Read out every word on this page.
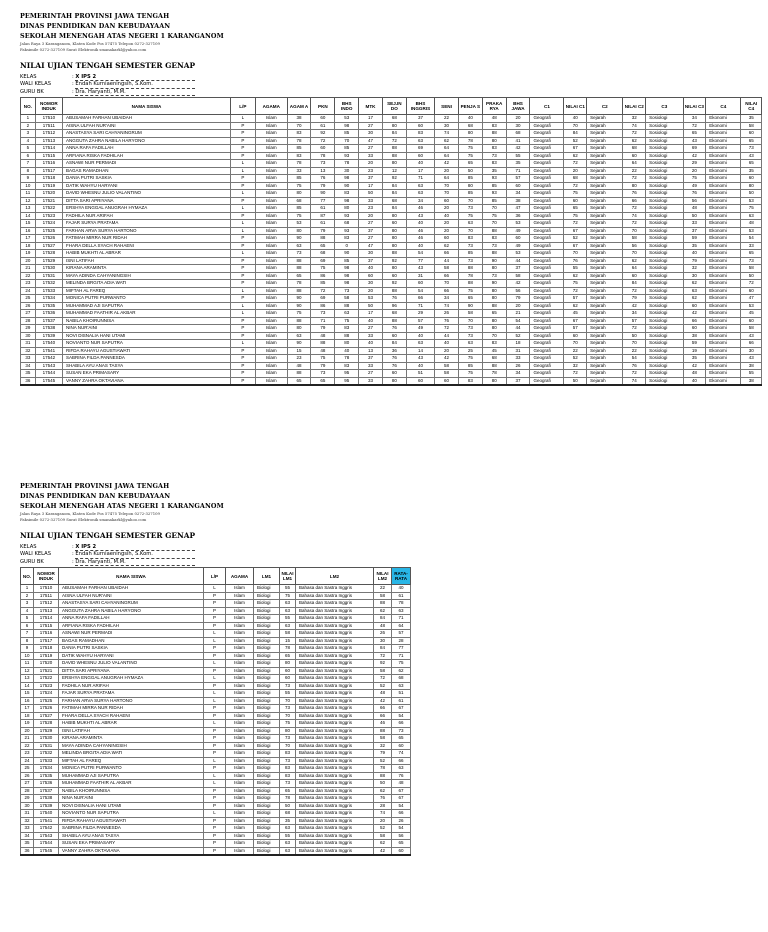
PEMERINTAH PROVINSI JAWA TENGAH
DINAS PENDIDIKAN DAN KEBUDAYAAN
SEKOLAH MENENGAH ATAS NEGERI 1 KARANGANOM
Jalan Raya 3 Karanganom, Klaten Kode Pos 57475 Telepon 0272-327109
Faksimile 0272-327109 Surat Elektronik smanakarkl@yahoo.com
NILAI UJIAN TENGAH SEMESTER GENAP
KELAS	: X IPS 2
WALI KELAS	: Endah Kurniaeningsih, S.Kom.
GURU BK	: Dra. Haryanti, M.M.
NO.	NOMOR INDUK	NAMA SISWA	L/P	AGAMA	AGAM A	PKN	BHS INDO	MTK	SEJ.IN DO	BHS INGGRIS	SENI	PENJA S	PRAKA RYA	BHS JAWA	C1	NILAI C1	C2	NILAI C2	C3	NILAI C3	C4	NILAI C4
1	17510	ABUSAMAH FARHAN UBAIDAH	L	Islam	38	60	53	17	68	37	22	40	48	20	Geografi	40	Sejarah	32	Sosiologi	34	Ekonomi	35
2	17511	AISNA ULFAH NUR'AINI	P	Islam	70	61	98	27	80	60	30	68	83	30	Geografi	70	Sejarah	74	Sosiologi	72	Ekonomi	58
3	17512	ANASTASYA SARI CAHYANINGRUM	P	Islam	83	92	85	30	84	83	74	80	88	68	Geografi	84	Sejarah	72	Sosiologi	65	Ekonomi	60
4	17513	ANGGUTA ZAHRA NABILA HARYONO	P	Islam	78	72	70	47	72	63	62	78	80	41	Geografi	52	Sejarah	62	Sosiologi	43	Ekonomi	65
5	17514	ANNA RAFA FADILLAH	P	Islam	85	60	85	27	88	69	64	75	83	42	Geografi	67	Sejarah	68	Sosiologi	69	Ekonomi	73
6	17515	ARFIANA RISKA FADHILAH	P	Islam	83	78	93	33	88	60	64	75	73	55	Geografi	62	Sejarah	60	Sosiologi	42	Ekonomi	43
7	17516	ASNAWI NUR PERMADI	L	Islam	78	73	78	20	80	40	42	65	83	35	Geografi	72	Sejarah	64	Sosiologi	29	Ekonomi	65
8	17517	BAGAS RAMADHAN	L	Islam	33	13	30	23	12	17	20	50	35	71	Geografi	20	Sejarah	22	Sosiologi	20	Ekonomi	35
9	17518	DANIA PUTRI SASKIA	P	Islam	85	76	98	37	92	71	64	85	93	57	Geografi	68	Sejarah	72	Sosiologi	75	Ekonomi	60
10	17519	DATIK WAHYU HARYANI	P	Islam	75	79	90	17	84	63	70	80	85	60	Geografi	72	Sejarah	80	Sosiologi	49	Ekonomi	80
11	17520	DAVID WHESNU JULIO VALANTINO	L	Islam	80	90	83	50	84	63	70	85	93	34	Geografi	75	Sejarah	76	Sosiologi	76	Ekonomi	50
12	17521	DITTA SARI APRIYANA	P	Islam	68	77	98	33	68	34	60	70	85	38	Geografi	60	Sejarah	66	Sosiologi	56	Ekonomi	53
13	17522	ERSHYA ENGGAL ANUGRAH HYMAZA	L	Islam	85	61	80	23	84	46	20	73	70	47	Geografi	65	Sejarah	72	Sosiologi	48	Ekonomi	75
14	17523	FADHILA NUR ARIFAH	P	Islam	75	87	93	20	80	43	40	75	75	36	Geografi	75	Sejarah	74	Sosiologi	50	Ekonomi	63
15	17524	FAJAR SURYA PRATAMA	L	Islam	53	61	68	27	60	40	20	63	70	53	Geografi	72	Sejarah	72	Sosiologi	33	Ekonomi	48
16	17525	FARHAN ARVA SURYA HARTONO	L	Islam	80	79	93	37	80	46	20	70	88	49	Geografi	67	Sejarah	70	Sosiologi	37	Ekonomi	53
17	17526	FATIMAH MIRRA NUR RIDAH	P	Islam	90	88	83	27	80	46	60	83	83	60	Geografi	52	Sejarah	58	Sosiologi	59	Ekonomi	54
18	17527	FHARA DELLA SYACH RAHAENI	P	Islam	63	65	0	47	80	40	62	73	73	49	Geografi	67	Sejarah	56	Sosiologi	35	Ekonomi	33
19	17528	HABIB MUKHTI AL ABRAR	L	Islam	73	68	90	30	88	54	66	85	88	53	Geografi	70	Sejarah	70	Sosiologi	40	Ekonomi	65
20	17529	ISNI LATIFAH	P	Islam	88	69	85	37	92	77	44	73	90	44	Geografi	76	Sejarah	62	Sosiologi	79	Ekonomi	73
21	17530	KIRANA ARAMINTA	P	Islam	88	75	98	40	80	43	58	88	80	37	Geografi	55	Sejarah	64	Sosiologi	32	Ekonomi	58
22	17531	MAYA ADINDA CAHYANINGSIH	P	Islam	65	86	98	60	60	31	66	78	73	58	Geografi	62	Sejarah	60	Sosiologi	30	Ekonomi	50
23	17532	MELINDA BRGITA ADIA WATI	P	Islam	78	85	98	30	92	60	70	88	90	42	Geografi	75	Sejarah	84	Sosiologi	62	Ekonomi	72
24	17533	MIFTAH AL FAREQ	L	Islam	88	72	73	20	88	54	66	75	80	56	Geografi	72	Sejarah	72	Sosiologi	63	Ekonomi	60
25	17534	MONICA PUTRI PURWANTO	P	Islam	90	69	58	53	76	66	34	65	80	79	Geografi	57	Sejarah	79	Sosiologi	62	Ekonomi	47
26	17535	MUHAMMAD AJI SAPUTRA	L	Islam	90	86	88	50	96	71	74	90	88	20	Geografi	62	Sejarah	42	Sosiologi	60	Ekonomi	53
27	17536	MUHAMMAD FAATHIR AL AKBAR	L	Islam	75	73	63	17	68	29	26	58	65	21	Geografi	45	Sejarah	34	Sosiologi	42	Ekonomi	45
28	17537	NABILA KHOIRUNNISA	P	Islam	88	71	75	40	88	57	76	70	80	54	Geografi	67	Sejarah	57	Sosiologi	66	Ekonomi	60
29	17538	NINA NUR'AINI	P	Islam	80	79	83	27	76	49	72	73	80	44	Geografi	57	Sejarah	72	Sosiologi	60	Ekonomi	58
30	17539	NOVI DISNALIA HANI UTAMI	P	Islam	63	48	88	33	60	40	44	73	70	52	Geografi	60	Sejarah	50	Sosiologi	38	Ekonomi	43
31	17540	NOVIANTO NUR SAPUTRA	L	Islam	90	88	80	40	84	63	40	63	83	18	Geografi	70	Sejarah	70	Sosiologi	59	Ekonomi	66
32	17541	RIFDA RAHAYU AGUSTIAWATI	P	Islam	15	48	40	13	36	14	20	25	45	31	Geografi	22	Sejarah	22	Sosiologi	19	Ekonomi	30
33	17542	SABRINA FILDA PANNESDA	P	Islam	23	75	78	37	76	43	42	75	68	33	Geografi	52	Sejarah	54	Sosiologi	35	Ekonomi	43
34	17543	SHABILA AYU ANAS TASYA	P	Islam	48	79	83	33	76	40	58	85	88	26	Geografi	32	Sejarah	76	Sosiologi	42	Ekonomi	38
35	17544	SUSAN EKA PRIMASARY	P	Islam	88	73	95	27	60	51	58	75	78	34	Geografi	72	Sejarah	72	Sosiologi	48	Ekonomi	55
36	17545	VANNY ZAHRA OKTAVIANA	P	Islam	65	65	95	33	80	60	60	83	80	37	Geografi	50	Sejarah	74	Sosiologi	40	Ekonomi	38
PEMERINTAH PROVINSI JAWA TENGAH
DINAS PENDIDIKAN DAN KEBUDAYAAN
SEKOLAH MENENGAH ATAS NEGERI 1 KARANGANOM
Jalan Raya 3 Karanganom, Klaten Kode Pos 57475 Telepon 0272-327109
Faksimile 0272-327109 Surat Elektronik smanakarkl@yahoo.com
NILAI UJIAN TENGAH SEMESTER GENAP
KELAS	: X IPS 2
WALI KELAS	: Endah Kurniaeningsih, S.Kom.
GURU BK	: Dra. Haryanti, M.M.
NO.	NOMOR INDUK	NAMA SISWA	L/P	AGAMA	LM1	NILAI LM1	LM2	NILAI LM2	RATA-RATA
1	17510	ABUSAMAH FARHAN UBAIDAH	L	Islam	Biologi	55	Bahasa dan Sastra Inggris	22	40
2	17511	AISNA ULFAH NUR'AINI	P	Islam	Biologi	75	Bahasa dan Sastra Inggris	58	61
3	17512	ANASTASYA SARI CAHYANINGRUM	P	Islam	Biologi	63	Bahasa dan Sastra Inggris	88	78
4	17513	ANGGUTA ZAHRA NABILA HARYONO	P	Islam	Biologi	63	Bahasa dan Sastra Inggris	62	63
5	17514	ANNA RAFA FADILLAH	P	Islam	Biologi	55	Bahasa dan Sastra Inggris	84	71
6	17515	ARFIANA RISKA FADHILAH	P	Islam	Biologi	63	Bahasa dan Sastra Inggris	48	64
7	17516	ASNAWI NUR PERMADI	L	Islam	Biologi	58	Bahasa dan Sastra Inggris	26	57
8	17517	BAGAS RAMADHAN	L	Islam	Biologi	15	Bahasa dan Sastra Inggris	30	28
9	17518	DANIA PUTRI SASKIA	P	Islam	Biologi	78	Bahasa dan Sastra Inggris	84	77
10	17519	DATIK WAHYU HARYANI	P	Islam	Biologi	65	Bahasa dan Sastra Inggris	72	71
11	17520	DAVID WHESNU JULIO VALANTINO	L	Islam	Biologi	80	Bahasa dan Sastra Inggris	92	75
12	17521	DITTA SARI APRIYANA	P	Islam	Biologi	60	Bahasa dan Sastra Inggris	58	62
13	17522	ERSHYA ENGGAL ANUGRAH HYMAZA	L	Islam	Biologi	60	Bahasa dan Sastra Inggris	72	68
14	17523	FADHILA NUR ARIFAH	P	Islam	Biologi	73	Bahasa dan Sastra Inggris	52	63
15	17524	FAJAR SURYA PRATAMA	L	Islam	Biologi	55	Bahasa dan Sastra Inggris	48	51
16	17525	FARHAN ARVA SURYA HARTONO	L	Islam	Biologi	70	Bahasa dan Sastra Inggris	42	61
17	17526	FATIMAH MIRRA NUR RIDAH	P	Islam	Biologi	73	Bahasa dan Sastra Inggris	66	67
18	17527	FHARA DELLA SYACH RAHAENI	P	Islam	Biologi	70	Bahasa dan Sastra Inggris	66	54
19	17528	HABIB MUKHTI AL ABRAR	L	Islam	Biologi	75	Bahasa dan Sastra Inggris	46	66
20	17529	ISNI LATIFAH	P	Islam	Biologi	80	Bahasa dan Sastra Inggris	88	73
21	17530	KIRANA ARAMINTA	P	Islam	Biologi	73	Bahasa dan Sastra Inggris	58	65
22	17531	MAYA ADINDA CAHYANINGSIH	P	Islam	Biologi	70	Bahasa dan Sastra Inggris	32	60
23	17532	MELINDA BRGITA ADIA WATI	P	Islam	Biologi	83	Bahasa dan Sastra Inggris	79	74
24	17533	MIFTAH AL FAREQ	L	Islam	Biologi	73	Bahasa dan Sastra Inggris	52	66
25	17534	MONICA PUTRI PURWANTO	P	Islam	Biologi	83	Bahasa dan Sastra Inggris	78	63
26	17535	MUHAMMAD AJI SAPUTRA	L	Islam	Biologi	83	Bahasa dan Sastra Inggris	88	76
27	17536	MUHAMMAD FAATHIR AL AKBAR	L	Islam	Biologi	73	Bahasa dan Sastra Inggris	50	48
28	17537	NABILA KHOIRUNNISA	P	Islam	Biologi	65	Bahasa dan Sastra Inggris	62	67
29	17538	NINA NUR'AINI	P	Islam	Biologi	78	Bahasa dan Sastra Inggris	76	67
30	17539	NOVI DISNALIA HANI UTAMI	P	Islam	Biologi	50	Bahasa dan Sastra Inggris	28	54
31	17540	NOVIANTO NUR SAPUTRA	L	Islam	Biologi	68	Bahasa dan Sastra Inggris	74	66
32	17541	RIFDA RAHAYU AGUSTIAWATI	P	Islam	Biologi	35	Bahasa dan Sastra Inggris	20	26
33	17542	SABRINA FILDA PANNESDA	P	Islam	Biologi	63	Bahasa dan Sastra Inggris	52	54
34	17543	SHABILA AYU ANAS TASYA	P	Islam	Biologi	55	Bahasa dan Sastra Inggris	58	56
35	17544	SUSAN EKA PRIMASARY	P	Islam	Biologi	63	Bahasa dan Sastra Inggris	62	65
36	17545	VANNY ZAHRA OKTAVIANA	P	Islam	Biologi	63	Bahasa dan Sastra Inggris	42	60
